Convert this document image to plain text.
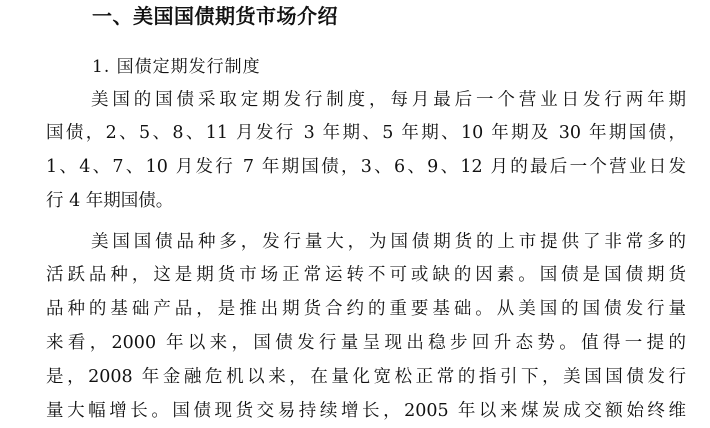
一、美国国债期货市场介绍
1. 国债定期发行制度
美国的国债采取定期发行制度，每月最后一个营业日发行两年期
国债，2、5、8、11 月发行 3 年期、5 年期、10 年期及 30 年期国债，
1、4、7、10 月发行 7 年期国债，3、6、9、12 月的最后一个营业日发
行 4 年期国债。
美国国债品种多，发行量大，为国债期货的上市提供了非常多的
活跃品种，这是期货市场正常运转不可或缺的因素。国债是国债期货
品种的基础产品，是推出期货合约的重要基础。从美国的国债发行量
来看，2000 年以来，国债发行量呈现出稳步回升态势。值得一提的
是，2008 年金融危机以来，在量化宽松正常的指引下，美国国债发行
量大幅增长。国债现货交易持续增长，2005 年以来煤炭成交额始终维
